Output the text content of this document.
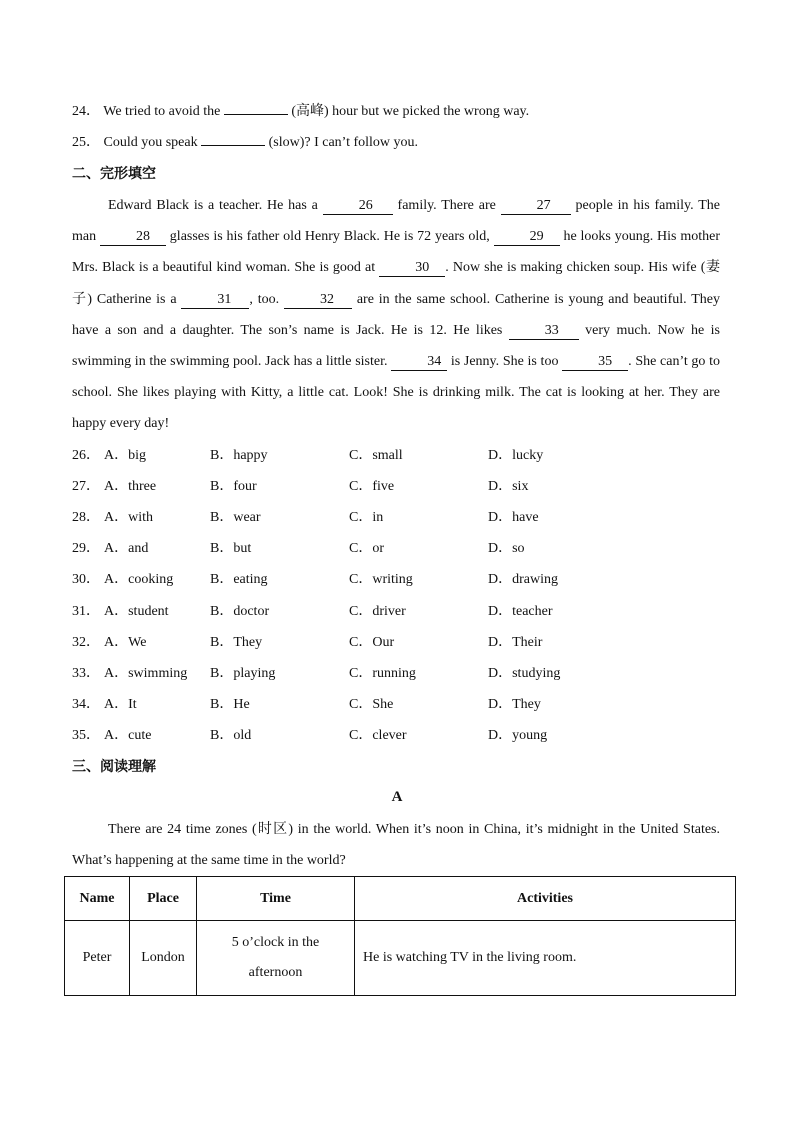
24． We tried to avoid the	(高峰) hour but we picked the wrong way.
25． Could you speak	(slow)? I can’t follow you.
二、完形填空
Edward Black is a teacher. He has a	26 family. There are	27 people in his family. The man	28 glasses is his father old Henry Black. He is 72 years old,	29 he looks young. His mother Mrs. Black is a beautiful kind woman. She is good at	30 . Now she is making chicken soup. His wife (妻子) Catherine is a	31 , too.	32 are in the same school. Catherine is young and beautiful. They have a son and a daughter. The son’s name is Jack. He is 12. He likes	33 very much. Now he is swimming in the swimming pool. Jack has a little sister.	34 is Jenny. She is too	35 . She can’t go to school. She likes playing with Kitty, a little cat. Look! She is drinking milk. The cat is looking at her. They are happy every day!
26． A．big	B．happy	C．small	D．lucky
27． A．three	B．four	C．five	D．six
28． A．with	B．wear	C．in	D．have
29． A．and	B．but	C．or	D．so
30． A．cooking	B．eating	C．writing	D．drawing
31． A．student	B．doctor	C．driver	D．teacher
32． A．We	B．They	C．Our	D．Their
33． A．swimming B．playing	C．running	D．studying
34． A．It	B．He	C．She	D．They
35． A．cute	B．old	C．clever	D．young
三、阅读理解
A
There are 24 time zones (时区) in the world. When it’s noon in China, it’s midnight in the United States. What’s happening at the same time in the world?
Name	Place	Time	Activities
Peter	London	5 o’clock in the afternoon	He is watching TV in the living room.
